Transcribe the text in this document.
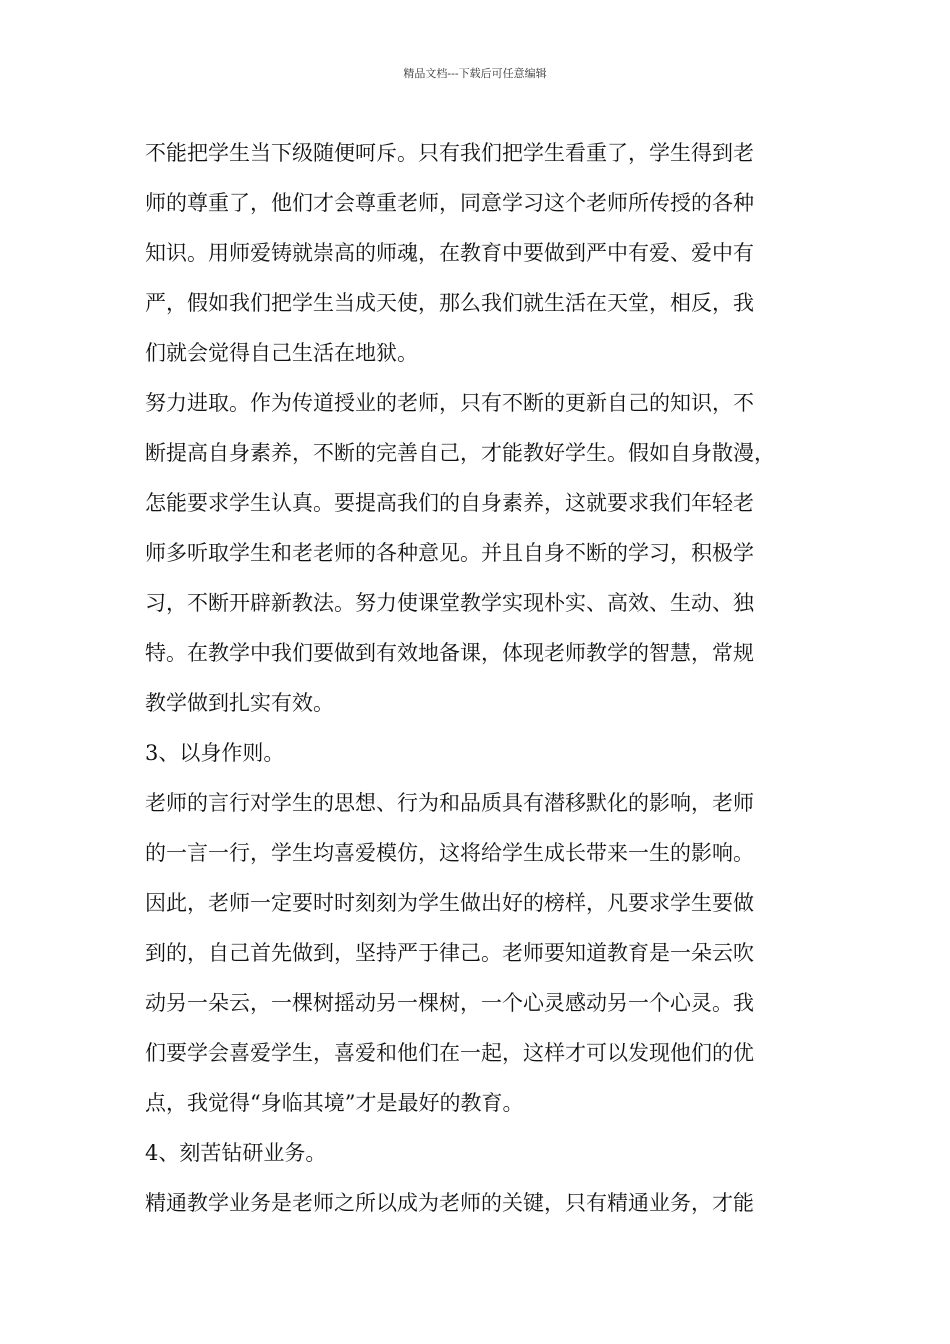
精品文档---下载后可任意编辑
不能把学生当下级随便呵斥。只有我们把学生看重了，学生得到老
师的尊重了，他们才会尊重老师，同意学习这个老师所传授的各种
知识。用师爱铸就崇高的师魂，在教育中要做到严中有爱、爱中有
严，假如我们把学生当成天使，那么我们就生活在天堂，相反，我
们就会觉得自己生活在地狱。
努力进取。作为传道授业的老师，只有不断的更新自己的知识，不
断提高自身素养，不断的完善自己，才能教好学生。假如自身散漫，
怎能要求学生认真。要提高我们的自身素养，这就要求我们年轻老
师多听取学生和老老师的各种意见。并且自身不断的学习，积极学
习，不断开辟新教法。努力使课堂教学实现朴实、高效、生动、独
特。在教学中我们要做到有效地备课，体现老师教学的智慧，常规
教学做到扎实有效。
3、以身作则。
老师的言行对学生的思想、行为和品质具有潜移默化的影响，老师
的一言一行，学生均喜爱模仿，这将给学生成长带来一生的影响。
因此，老师一定要时时刻刻为学生做出好的榜样，凡要求学生要做
到的，自己首先做到，坚持严于律己。老师要知道教育是一朵云吹
动另一朵云，一棵树摇动另一棵树，一个心灵感动另一个心灵。我
们要学会喜爱学生，喜爱和他们在一起，这样才可以发现他们的优
点，我觉得“身临其境”才是最好的教育。
4、刻苦钻研业务。
精通教学业务是老师之所以成为老师的关键，只有精通业务，才能
